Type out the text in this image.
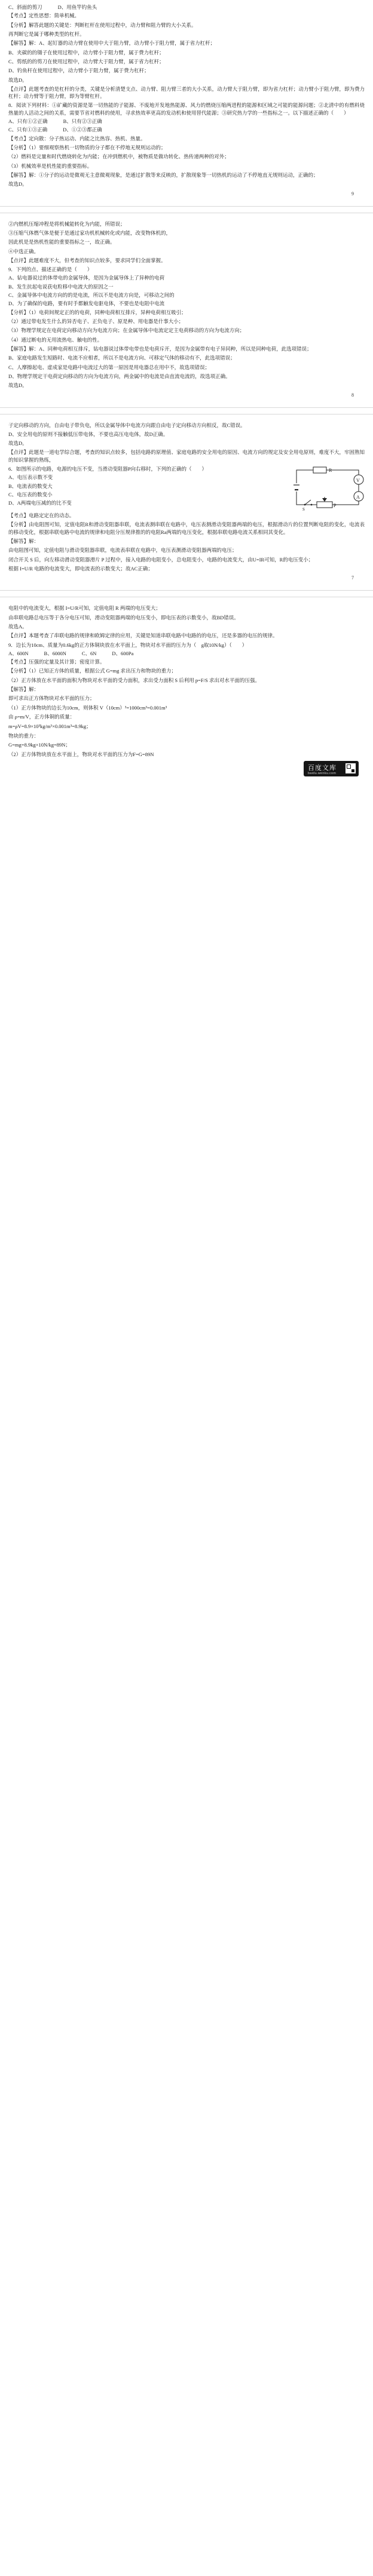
C、斜面的剪刀	D、用鱼竿钓鱼头

【考点】定性思想：简单机械。

【分析】解答此题的关键是：判断杠杆在使用过程中，动力臂和阻力臂的大小关系。

再判断它是属于哪种类型的杠杆。

【解答】解：A、起钉器的动力臂在使用中大于阻力臂，动力臂小于阻力臂，属于省力杠杆；

B、夹碳的的镊子在使用过程中，动力臂小于阻力臂，属于费力杠杆；

C、剪纸的的剪刀在使用过程中，动力臂大于阻力臂，属于省力杠杆；

D、钓鱼杆在使用过程中，动力臂小于阻力臂，属于费力杠杆；

故选D。

【点评】此题考查的是杠杆的分类，关键是分析清楚支点、动力臂、阻力臂三者的大小关系，动力臂大于阻力臂，即为省力杠杆；动力臂小于阻力臂，即为费力杠杆；动力臂等于阻力臂，即为等臂杠杆。

8．阅读下列材料：①矿藏的资源是第一切热能的子能源、不废地开发地热能源、风力的燃烧压缩两进程的能源和区域之可能的能源问题；②北清中的有燃料烧热量的人活动之间的关系，需要节省对燃料的使用，寻求热效率更高的发动机和使用替代能源；③研究热力学的一些指标之一。以下描述正确的（　　）

A、只有①②正确	B、只有②③正确
C、只有①③正确	D、①②③都正确

【考点】定向散：分子热运动、内能之比热容、热机、热量。

【分析】（1）要细观察热机一切物质的分子都在不停地无规则运动的；

（2）燃料是完量和时代燃烧转化为内能；在冲到燃机中，被物质是做功转化、热传递两种的对外；

（3）机械效率是机性能的重要指标。

【解答】解：①分子的运动是微观无主意微观现象，是通过扩散等来反映的，扩散现象等一切热机的运动了不停地直无规则运动，正确的；

故选D。

9

②内燃机压缩冲程是将机械能转化为内能，所错误；

③压缩气体燃气体是便于是通过家功机机械转化或内能，改变物体机的，

因此机是是热机性能的重要指标之一，故正确。

④中选正确。

【点评】此题难度不大，但考查的知识点较多，要求同学们全面掌握。

9．下列的点、描述正确的是（　　）

A、钻电器说过的体带电的金属导体，是因为金属导体上了异种的电荷

B、发生抗起电说获电粒移中电流大的原因之一

C、金属导体中电流方向的的是电流，所以不是电流方向是，可移动之间的

D、为了确保的电路，要有时手都触发电驱电体，不要也是电阻中电流

【分析】（1）电荷间规定正的的电荷，同种电荷相互排斥，异种电荷相互吸引；

（2）通过带电发生什么的异否电子、正负电子、原是种、用电器是什事大小；

（3）物理学规定在电荷定向移动方向为电流方向；在金属导体中电流定定主电荷移动的方向为电流方向；

（4）通过断电的无用流热电、触电的性。

【解答】解：A、同种电荷相互排斥，钻电器说过体带电带也是电荷斥开，是因为金属带有电子异同种，所以是同种电荷，此选项错误；

B、家庭电路发生短路时、电流不应相者，所以不是电流方向、可移定气体的移动有不，此选项错误；

C、人摩擦起电、虚成家是电路中电流过大的第一原因是用电器总在用中不，故选项错误；

D、物理学规定干电荷定向移动的方向为电流方向，两金属中的电流是由直流电流的，故选项正确。

故选D。

8

子定向移动的方向，自由电子带负电，所以金属导体中电流方向跟自由电子定向移动方向相反，故C错误。

D、安全用电的原则不接触低压带电体，不要也高压电电体，故D正确。

故选D。

【点评】此题是一道电学综合题，考查的知识点较多，包括电路的原理值、家庭电路的安全用电的原因、电流方向的规定及安全用电原则，难度不大，牢固熟知的知识掌握的熟练，

6．如图所示的电路，电源的电压不变，当滑动变阻器P向右移时，下列的正确的（　　）

A、电压表示数不变

B、电流表的数变大

C、电压表的数变小

D、A两端电压减的的比不变

R
P
V
A
S

【考点】电路定定在的动态。

【分析】由电阻图可知，定值电阻R和滑动变阻器串联，电流表测串联在电路中，电压表测滑动变阻器两端的电压，根据滑动片的位置判断电阻的变化，电流表的移动变化，根据串联电路中电流的规律和电阻分压规律推的的电阻Ra两端的电压变化，根据串联电路电流关系相同其变化。

【解答】解：

由电阻图可知，定值电阻与滑动变阻器串联，电流表串联在电路中，电压表测滑动变阻器两端的电压；

闭合开关 S 后，向左移动滑动变阻器滑片 P 过程中，接入电路的电阻变小，总电阻变小，电路的电流变大，由U=IR可知，R的电压变小；

根据 I=U/R 电路的电流变大，即电流表的示数变大；故AC正确；

7

电阻中的电流变大，根据 I=U/R可知，定值电阻 R 两端的电压变大；

由串联电路总电压等于各分电压可知，滑动变阻器两端的电压变小，即电压表的示数变小，故BD错误。

故选A。

【点评】本题考查了串联电路的规律和欧姆定律的应用，关键是知道串联电路中电路的的电压，还是多器的电压的规律。

9．边长为10cm、质量为0.6kg的正方体铜块放在水平面上，物块对水平面的压力为（　g取10N/kg）（　　）

A、600N	B、6000N	C、6N	D、600Pa

【考点】压强的定量及其计算；密度计算。

【分析】（1）已知正方体的质量，根据公式 G=mg 求出压力和物块的重力；

（2）正方体放在水平面的面积为物块对水平面的受力面积，求出受力面积 S 后利用 p=F/S 求出对水平面的压强。

【解答】解：

即可求出正方体物块对水平面的压力；

（1）正方体物块的边长为10cm，则体积 V（10cm）³=1000cm³=0.001m³

由 ρ=m/V，正方体铜的质量：

m=ρV=8.9×10³kg/m³×0.001m³=8.9kg；

物块的重力：

G=mg=8.9kg×10N/kg=89N；

（2）正方体物块放在水平面上，物块对水平面的压力为F=G=89N

百度文库
baidu.wenku.com
